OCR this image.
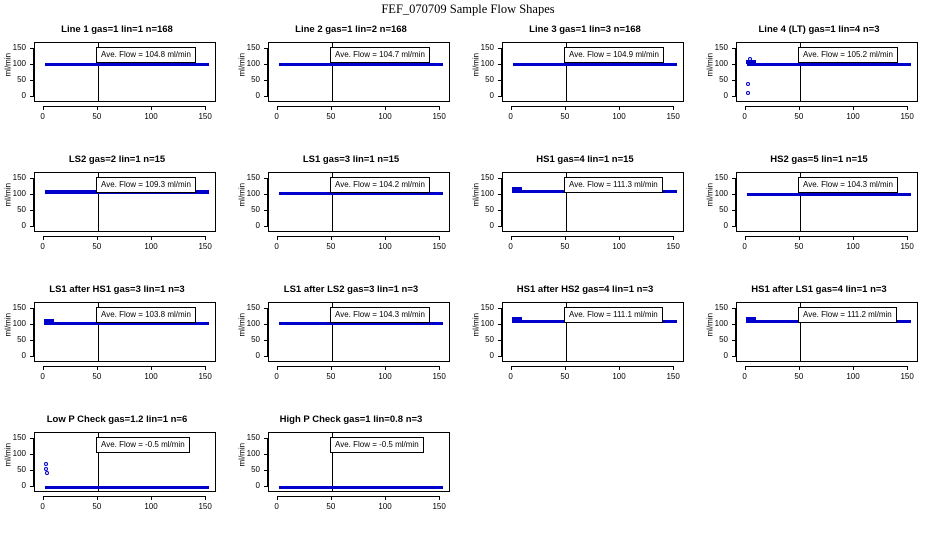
FEF_070709 Sample Flow Shapes
Line 1 gas=1 lin=1 n=168
ml/min
0
50
100
150
Ave. Flow = 104.8 ml/min
0	50	100	150
Line 2 gas=1 lin=2 n=168
ml/min
0
50
100
150
Ave. Flow = 104.7 ml/min
0	50	100	150
Line 3 gas=1 lin=3 n=168
ml/min
0
50
100
150
Ave. Flow = 104.9 ml/min
0	50	100	150
Line 4 (LT) gas=1 lin=4 n=3
ml/min
0
50
100
150
Ave. Flow = 105.2 ml/min
0	50	100	150
LS2 gas=2 lin=1 n=15
ml/min
0
50
100
150
Ave. Flow = 109.3 ml/min
0	50	100	150
LS1 gas=3 lin=1 n=15
ml/min
0
50
100
150
Ave. Flow = 104.2 ml/min
0	50	100	150
HS1 gas=4 lin=1 n=15
ml/min
0
50
100
150
Ave. Flow = 111.3 ml/min
0	50	100	150
HS2 gas=5 lin=1 n=15
ml/min
0
50
100
150
Ave. Flow = 104.3 ml/min
0	50	100	150
LS1 after HS1 gas=3 lin=1 n=3
ml/min
0
50
100
150
Ave. Flow = 103.8 ml/min
0	50	100	150
LS1 after LS2 gas=3 lin=1 n=3
ml/min
0
50
100
150
Ave. Flow = 104.3 ml/min
0	50	100	150
HS1 after HS2 gas=4 lin=1 n=3
ml/min
0
50
100
150
Ave. Flow = 111.1 ml/min
0	50	100	150
HS1 after LS1 gas=4 lin=1 n=3
ml/min
0
50
100
150
Ave. Flow = 111.2 ml/min
0	50	100	150
Low P Check gas=1.2 lin=1 n=6
ml/min
0
50
100
150
Ave. Flow = -0.5 ml/min
0	50	100	150
High P Check gas=1 lin=0.8 n=3
ml/min
0
50
100
150
Ave. Flow = -0.5 ml/min
0	50	100	150
